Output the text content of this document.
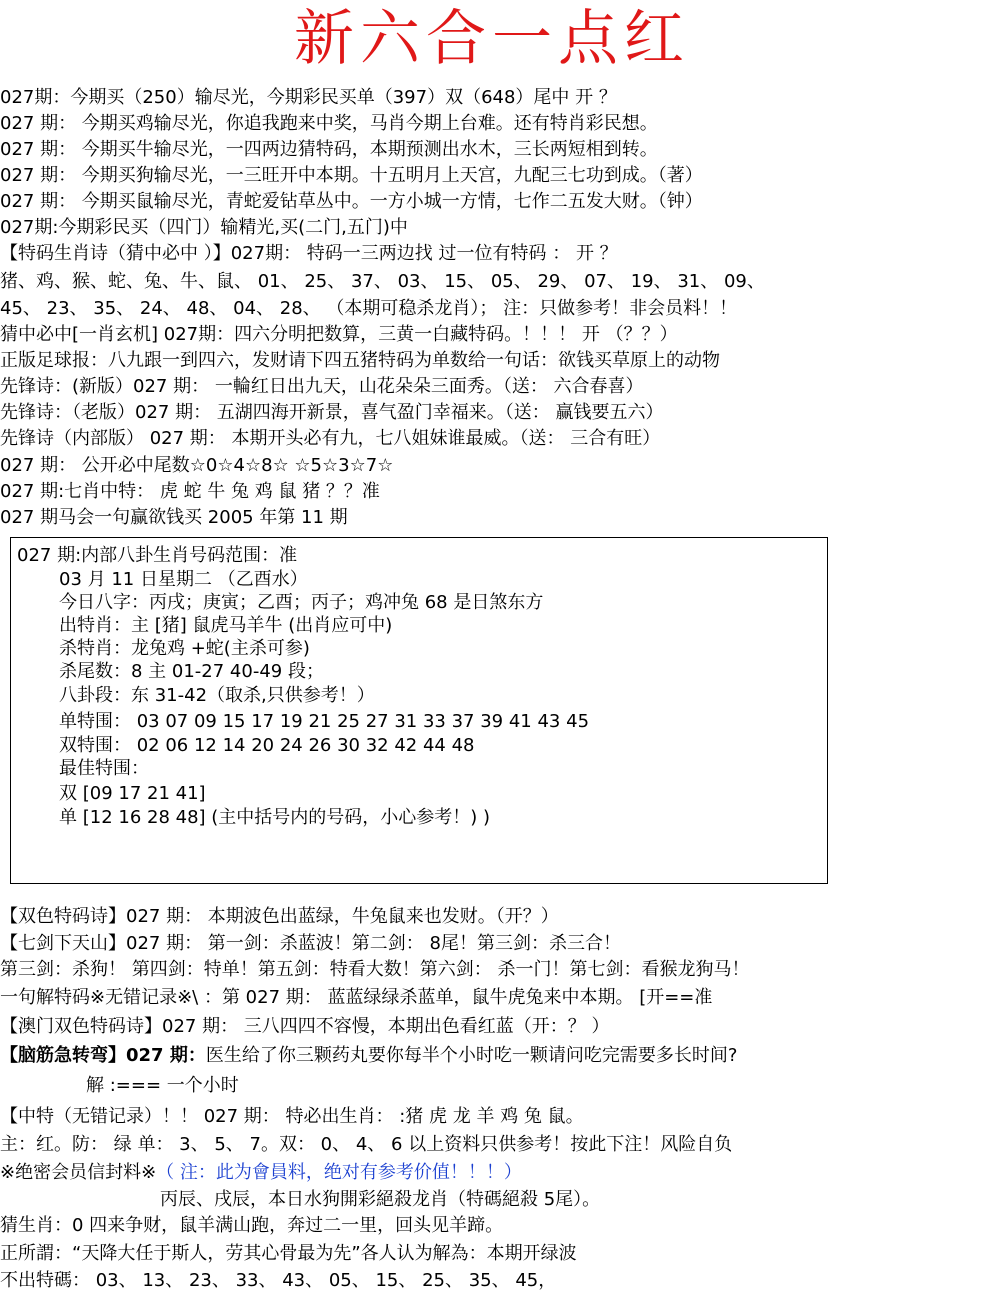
新六合一点红
027期：今期买（250）输尽光，今期彩民买单（397）双（648）尾中 开 ？
027 期： 今期买鸡输尽光，你追我跑来中奖，马肖今期上台难。还有特肖彩民想。
027 期： 今期买牛输尽光，一四两边猜特码，本期预测出水木，三长两短相到转。
027 期： 今期买狗输尽光，一三旺开中本期。十五明月上天宫，九配三七功到成。（著）
027 期： 今期买鼠输尽光，青蛇爱钻草丛中。一方小城一方情，七作二五发大财。（钟）
027期:今期彩民买（四门）输精光,买(二门,五门)中
【特码生肖诗（猜中必中 ）】027期： 特码一三两边找 过一位有特码 ： 开 ？
猪、鸡、猴、蛇、兔、牛、鼠、 01、 25、 37、 03、 15、 05、 29、 07、 19、 31、 09、
45、 23、 35、 24、 48、 04、 28、 （本期可稳杀龙肖）； 注：只做参考！非会员料！！
猜中必中[一肖玄机] 027期：四六分明把数算，三黄一白藏特码。！！！ 开 （？？）
正版足球报：八九跟一到四六，发财请下四五猪特码为单数给一句话：欲钱买草原上的动物
先锋诗：(新版）027 期： 一輪红日出九天，山花朵朵三面秀。（送： 六合春喜）
先锋诗：（老版）027 期： 五湖四海开新景，喜气盈门幸福来。（送： 赢钱要五六）
先锋诗（内部版） 027 期： 本期开头必有九，七八姐妹谁最威。（送： 三合有旺）
027 期： 公开必中尾数☆0☆4☆8☆ ☆5☆3☆7☆
027 期:七肖中特： 虎 蛇 牛 兔 鸡 鼠 猪 ？？准
027 期马会一句赢欲钱买 2005 年第 11 期
027 期:内部八卦生肖号码范围：准
03 月 11 日星期二 （乙酉水）
今日八字：丙戌；庚寅；乙酉；丙子；鸡冲兔 68 是日煞东方
出特肖：主 [猪] 鼠虎马羊牛 (出肖应可中)
杀特肖：龙兔鸡 +蛇(主杀可参)
杀尾数：8 主 01-27 40-49 段；
八卦段：东 31-42（取杀,只供参考！）
单特围： 03 07 09 15 17 19 21 25 27 31 33 37 39 41 43 45
双特围： 02 06 12 14 20 24 26 30 32 42 44 48
最佳特围：
双 [09 17 21 41]
单 [12 16 28 48] (主中括号内的号码，小心参考！) )
【双色特码诗】027 期： 本期波色出蓝绿，牛兔鼠来也发财。（开？）
【七剑下天山】027 期： 第一剑：杀蓝波！第二剑： 8尾！第三剑：杀三合！
第三剑：杀狗！ 第四剑：特单！第五剑：特看大数！第六剑： 杀一门！第七剑：看猴龙狗马！
一句解特码※无错记录※\ ：第 027 期： 蓝蓝绿绿杀蓝单，鼠牛虎兔来中本期。 [开==准
【澳门双色特码诗】027 期： 三八四四不容慢，本期出色看红蓝（开：？ ）
【脑筋急转弯】027 期：医生给了你三颗药丸要你每半个小时吃一颗请问吃完需要多长时间?
解 :=== 一个小时
【中特（无错记录）！！ 027 期： 特必出生肖： :猪 虎 龙 羊 鸡 兔 鼠。
主：红。防： 绿 单： 3、 5、 7。双： 0、 4、 6 以上资料只供参考！按此下注！风险自负
※绝密会员信封料※（ 注：此为會員料，绝对有参考价值！！！）
丙辰、戌辰，本日水狗開彩絕殺龙肖（特碼絕殺 5尾）。
猜生肖：0 四来争财，鼠羊满山跑，奔过二一里，回头见羊蹄。
正所謂：“天降大任于斯人，劳其心骨最为先”各人认为解為：本期开绿波
不出特碼： 03、 13、 23、 33、 43、 05、 15、 25、 35、 45，
